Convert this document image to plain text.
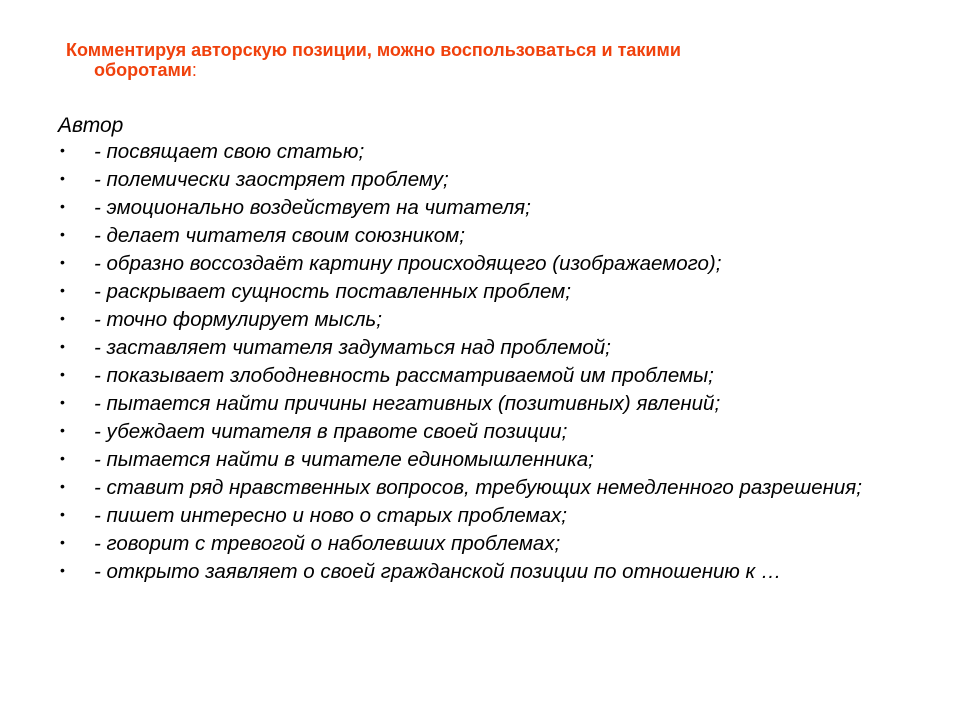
Комментируя авторскую позиции, можно воспользоваться и такими
оборотами:
Автор
• - посвящает свою статью;
• - полемически заостряет проблему;
• - эмоционально воздействует на читателя;
• - делает читателя своим союзником;
• - образно воссоздаёт картину происходящего (изображаемого);
• - раскрывает сущность поставленных проблем;
• - точно формулирует мысль;
• - заставляет читателя задуматься над проблемой;
• - показывает злободневность рассматриваемой им проблемы;
• - пытается найти причины негативных (позитивных) явлений;
• - убеждает читателя в правоте своей позиции;
• - пытается найти в читателе единомышленника;
• - ставит ряд нравственных вопросов, требующих немедленного разрешения;
• - пишет интересно и ново о старых проблемах;
• - говорит с тревогой о наболевших проблемах;
• - открыто заявляет о своей гражданской позиции по отношению к …
